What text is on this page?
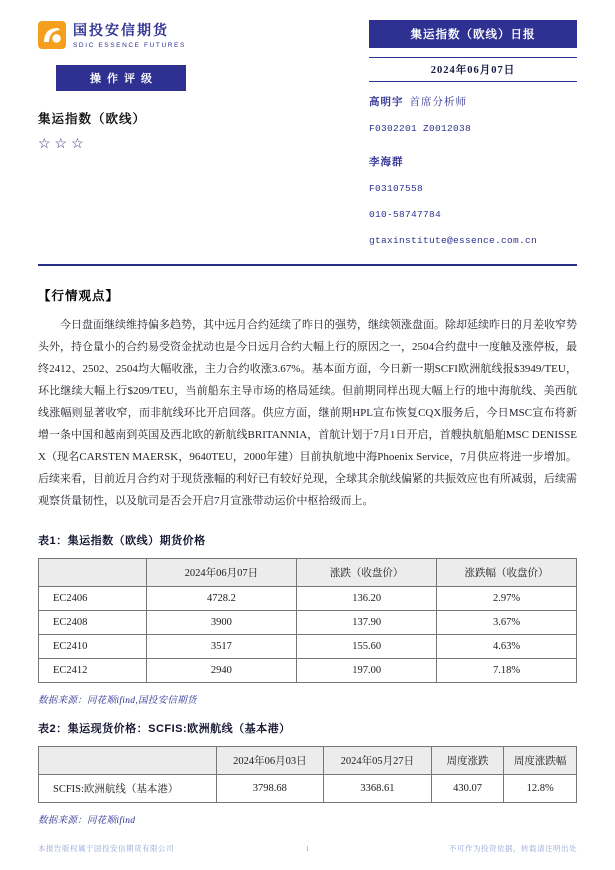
国投安信期货
SDIC ESSENCE FUTURES
操作评级
集运指数（欧线）
☆☆☆
集运指数（欧线）日报
2024年06月07日
高明宇 首席分析师
F0302201 Z0012038
李海群
F03107558
010-58747784
gtaxinstitute@essence.com.cn
【行情观点】

今日盘面继续维持偏多趋势，其中远月合约延续了昨日的强势，继续领涨盘面。除却延续昨日的月差收窄势头外，持仓量小的合约易受资金扰动也是今日远月合约大幅上行的原因之一，2504合约盘中一度触及涨停板，最终2412、2502、2504均大幅收涨，主力合约收涨3.67%。基本面方面，今日新一期SCFI欧洲航线报$3949/TEU，环比继续大幅上行$209/TEU，当前船东主导市场的格局延续。但前期同样出现大幅上行的地中海航线、美西航线涨幅则显著收窄，而非航线环比开启回落。供应方面，继前期HPL宣布恢复CQX服务后，今日MSC宣布将新增一条中国和越南到英国及西北欧的新航线BRITANNIA，首航计划于7月1日开启，首艘执航船舶MSC DENISSE X（现名CARSTEN MAERSK，9640TEU，2000年建）目前执航地中海Phoenix Service，7月供应将进一步增加。后续来看，目前近月合约对于现货涨幅的利好已有较好兑现，全球其余航线偏紧的共振效应也有所减弱，后续需观察货量韧性，以及航司是否会开启7月宣涨带动运价中枢拾级而上。

表1：集运指数（欧线）期货价格
	2024年06月07日	涨跌（收盘价）	涨跌幅（收盘价）
EC2406	4728.2	136.20	2.97%
EC2408	3900	137.90	3.67%
EC2410	3517	155.60	4.63%
EC2412	2940	197.00	7.18%
数据来源：同花顺ifind,国投安信期货
表2：集运现货价格：SCFIS:欧洲航线（基本港）
	2024年06月03日	2024年05月27日	周度涨跌	周度涨跌幅
SCFIS:欧洲航线（基本港）	3798.68	3368.61	430.07	12.8%
数据来源：同花顺ifind
本报告版权属于国投安信期货有限公司	1	不可作为投资依据，转载请注明出处
